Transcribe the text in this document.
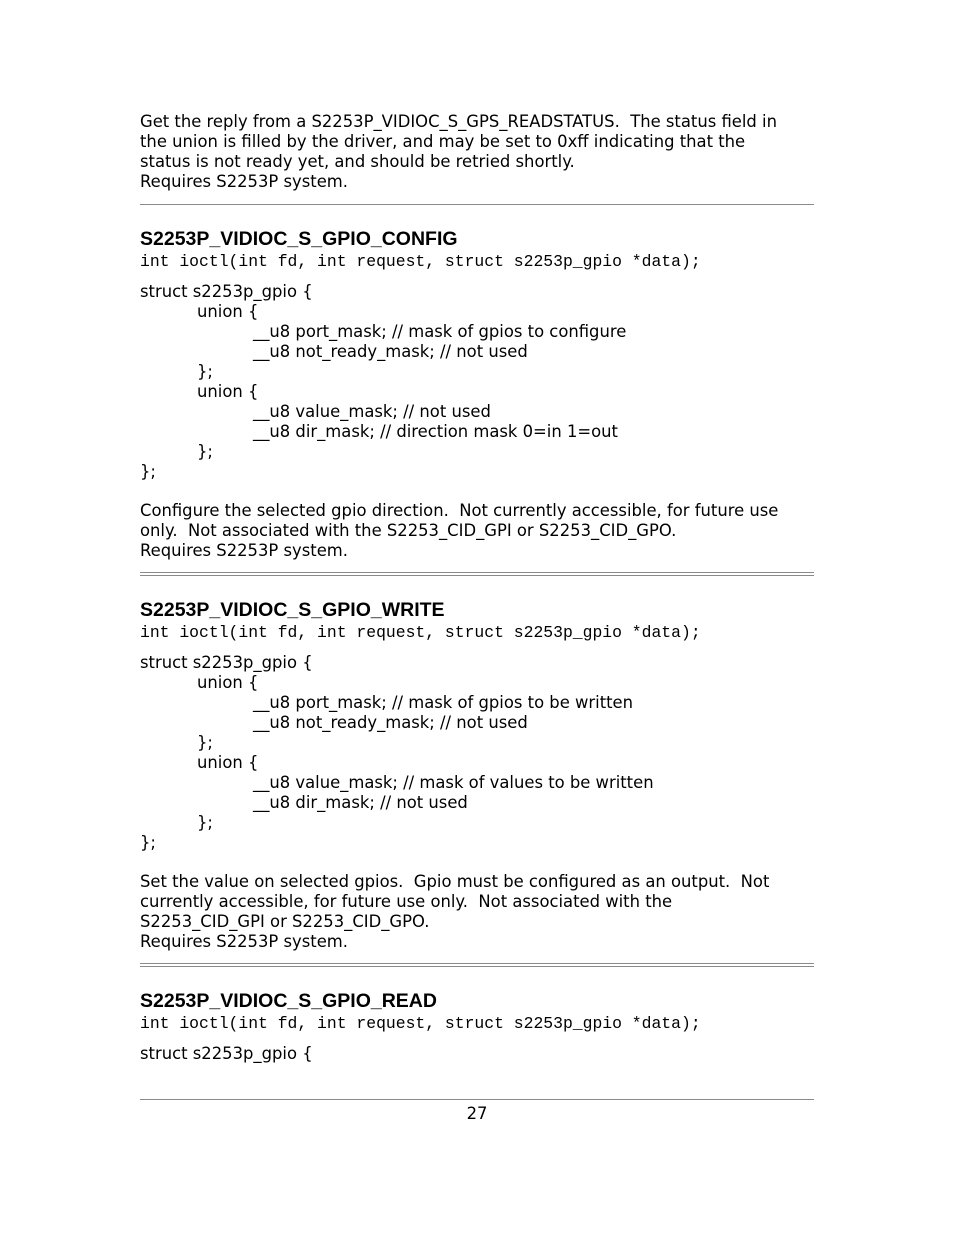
Get the reply from a S2253P_VIDIOC_S_GPS_READSTATUS.  The status field in
the union is filled by the driver, and may be set to 0xff indicating that the
status is not ready yet, and should be retried shortly.
Requires S2253P system.

S2253P_VIDIOC_S_GPIO_CONFIG
int ioctl(int fd, int request, struct s2253p_gpio *data);
struct s2253p_gpio {
union {
__u8 port_mask; // mask of gpios to configure
__u8 not_ready_mask; // not used
};
union {
__u8 value_mask; // not used
__u8 dir_mask; // direction mask 0=in 1=out
};
};

Configure the selected gpio direction.  Not currently accessible, for future use
only.  Not associated with the S2253_CID_GPI or S2253_CID_GPO.
Requires S2253P system.

S2253P_VIDIOC_S_GPIO_WRITE
int ioctl(int fd, int request, struct s2253p_gpio *data);
struct s2253p_gpio {
union {
__u8 port_mask; // mask of gpios to be written
__u8 not_ready_mask; // not used
};
union {
__u8 value_mask; // mask of values to be written
__u8 dir_mask; // not used
};
};

Set the value on selected gpios.  Gpio must be configured as an output.  Not
currently accessible, for future use only.  Not associated with the
S2253_CID_GPI or S2253_CID_GPO.
Requires S2253P system.

S2253P_VIDIOC_S_GPIO_READ
int ioctl(int fd, int request, struct s2253p_gpio *data);
struct s2253p_gpio {
27
